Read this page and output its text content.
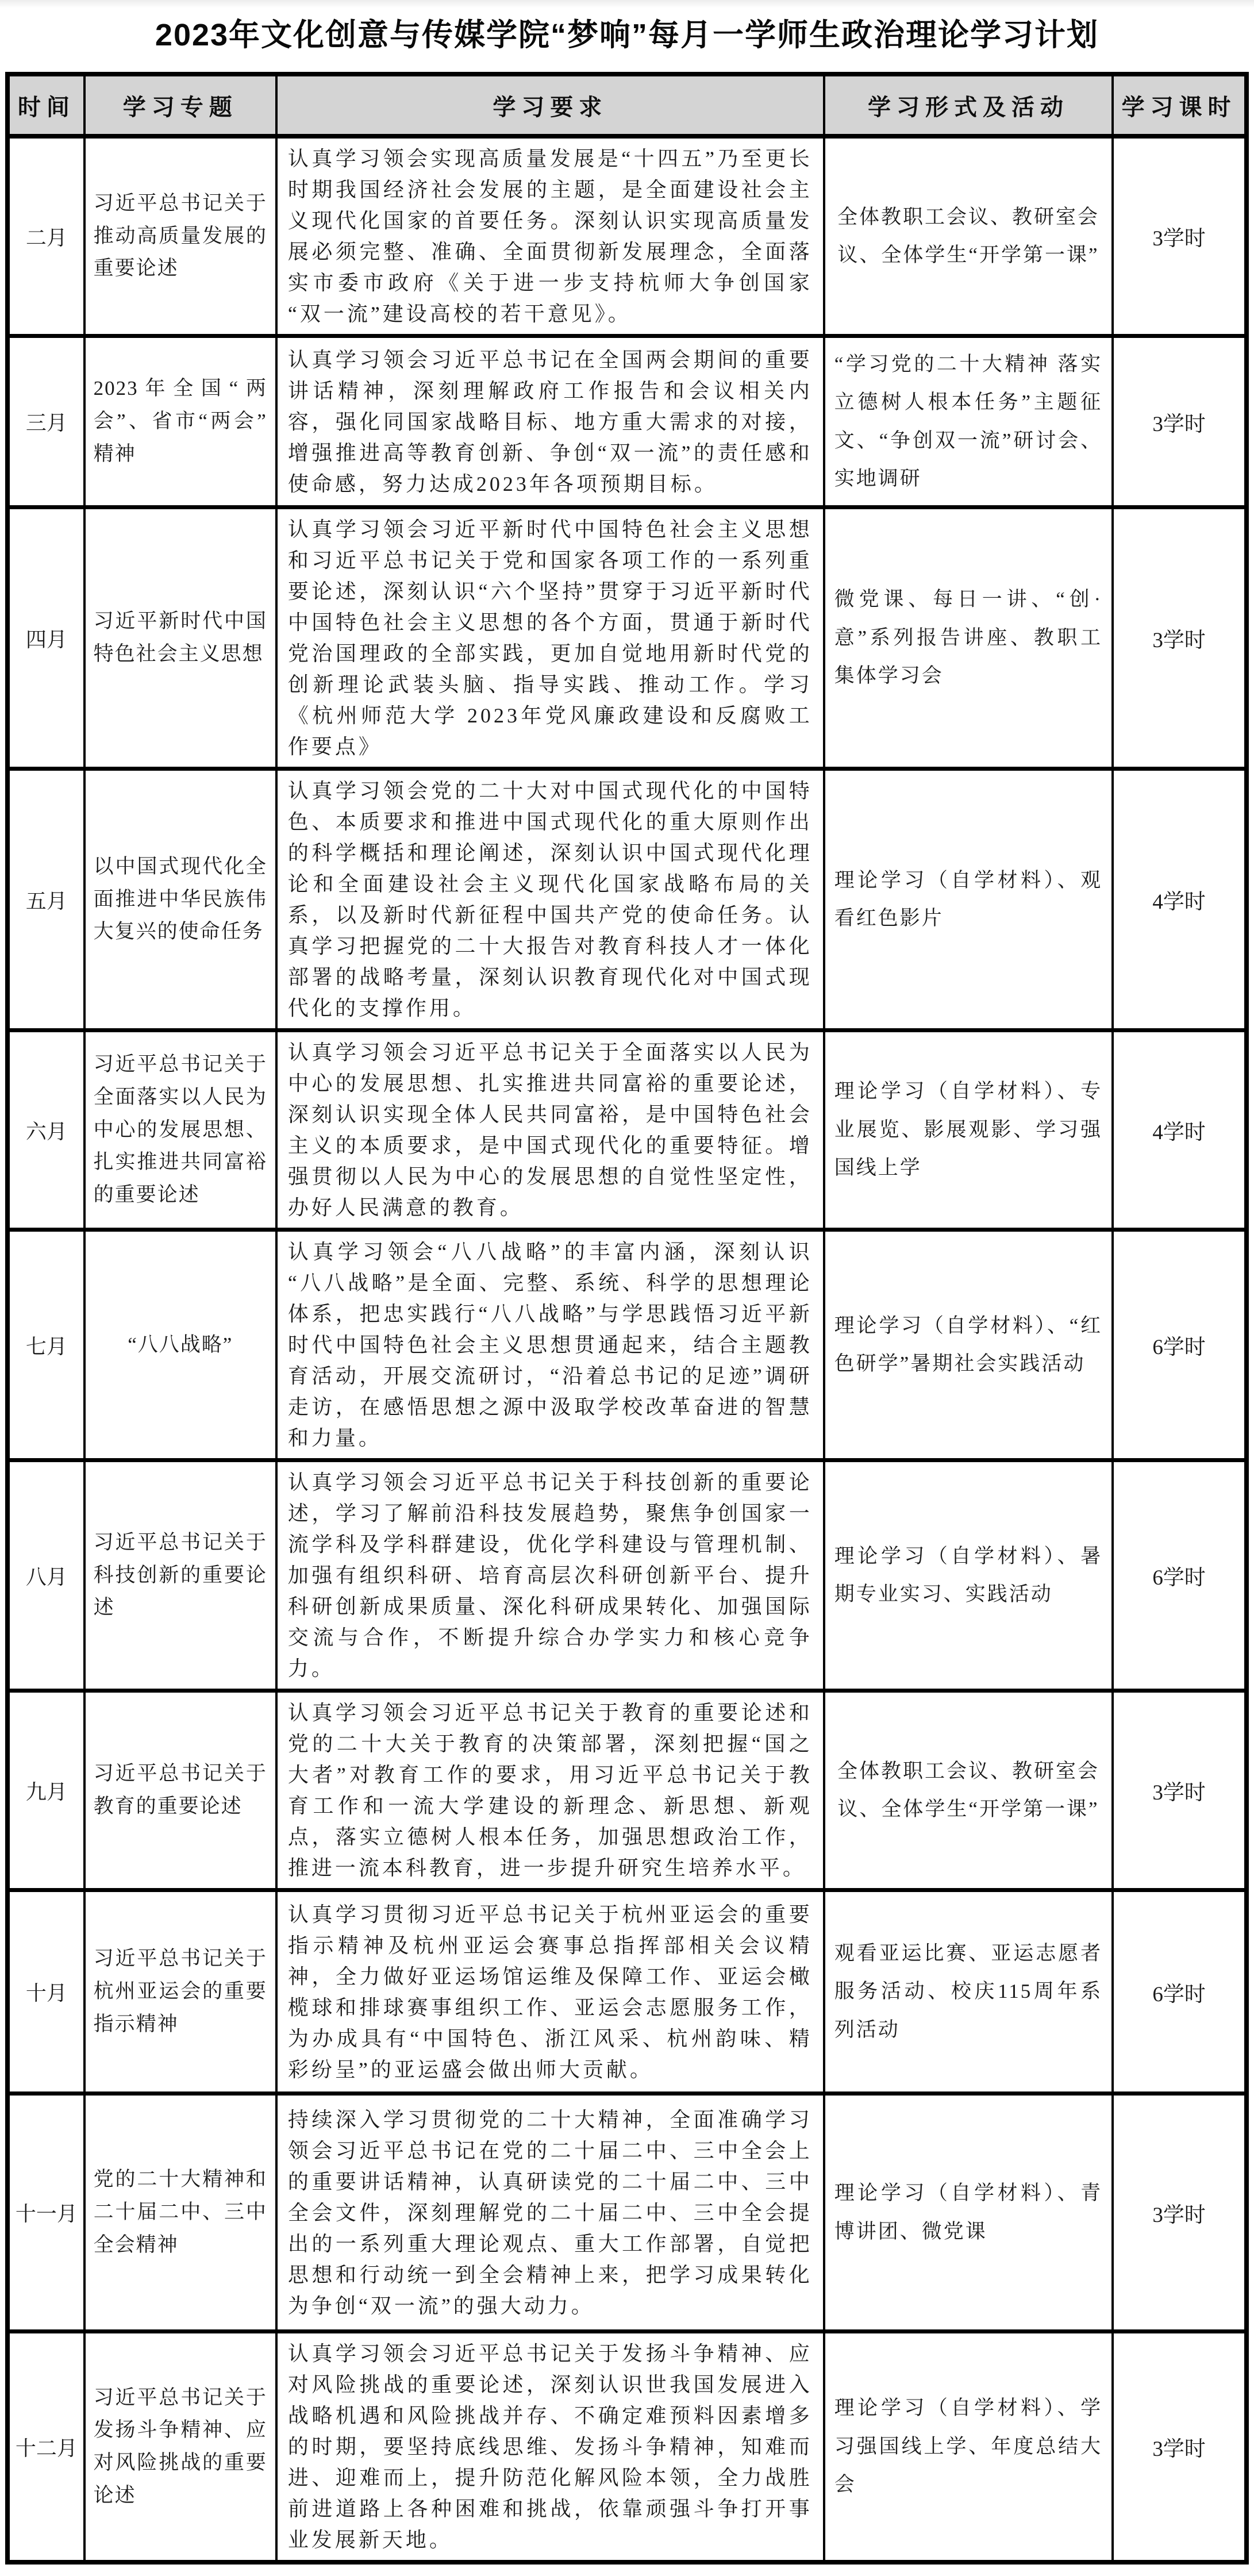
2023年文化创意与传媒学院“梦响”每月一学师生政治理论学习计划
时间	学习专题	学习要求	学习形式及活动	学习课时
二月	习近平总书记关于推动高质量发展的重要论述	认真学习领会实现高质量发展是“十四五”乃至更长时期我国经济社会发展的主题，是全面建设社会主义现代化国家的首要任务。深刻认识实现高质量发展必须完整、准确、全面贯彻新发展理念，全面落实市委市政府《关于进一步支持杭师大争创国家“双一流”建设高校的若干意见》。	全体教职工会议、教研室会议、全体学生“开学第一课”	3学时
三月	2023年全国“两会”、省市“两会”精神	认真学习领会习近平总书记在全国两会期间的重要讲话精神，深刻理解政府工作报告和会议相关内容，强化同国家战略目标、地方重大需求的对接，增强推进高等教育创新、争创“双一流”的责任感和使命感，努力达成2023年各项预期目标。	“学习党的二十大精神 落实立德树人根本任务”主题征文、“争创双一流”研讨会、实地调研	3学时
四月	习近平新时代中国特色社会主义思想	认真学习领会习近平新时代中国特色社会主义思想和习近平总书记关于党和国家各项工作的一系列重要论述，深刻认识“六个坚持”贯穿于习近平新时代中国特色社会主义思想的各个方面，贯通于新时代党治国理政的全部实践，更加自觉地用新时代党的创新理论武装头脑、指导实践、推动工作。学习《杭州师范大学 2023年党风廉政建设和反腐败工作要点》	微党课、每日一讲、“创·意”系列报告讲座、教职工集体学习会	3学时
五月	以中国式现代化全面推进中华民族伟大复兴的使命任务	认真学习领会党的二十大对中国式现代化的中国特色、本质要求和推进中国式现代化的重大原则作出的科学概括和理论阐述，深刻认识中国式现代化理论和全面建设社会主义现代化国家战略布局的关系，以及新时代新征程中国共产党的使命任务。认真学习把握党的二十大报告对教育科技人才一体化部署的战略考量，深刻认识教育现代化对中国式现代化的支撑作用。	理论学习（自学材料）、观看红色影片	4学时
六月	习近平总书记关于全面落实以人民为中心的发展思想、扎实推进共同富裕的重要论述	认真学习领会习近平总书记关于全面落实以人民为中心的发展思想、扎实推进共同富裕的重要论述，深刻认识实现全体人民共同富裕，是中国特色社会主义的本质要求，是中国式现代化的重要特征。增强贯彻以人民为中心的发展思想的自觉性坚定性，办好人民满意的教育。	理论学习（自学材料）、专业展览、影展观影、学习强国线上学	4学时
七月	“八八战略”	认真学习领会“八八战略”的丰富内涵，深刻认识“八八战略”是全面、完整、系统、科学的思想理论体系，把忠实践行“八八战略”与学思践悟习近平新时代中国特色社会主义思想贯通起来，结合主题教育活动，开展交流研讨，“沿着总书记的足迹”调研走访，在感悟思想之源中汲取学校改革奋进的智慧和力量。	理论学习（自学材料）、“红色研学”暑期社会实践活动	6学时
八月	习近平总书记关于科技创新的重要论述	认真学习领会习近平总书记关于科技创新的重要论述，学习了解前沿科技发展趋势，聚焦争创国家一流学科及学科群建设，优化学科建设与管理机制、加强有组织科研、培育高层次科研创新平台、提升科研创新成果质量、深化科研成果转化、加强国际交流与合作，不断提升综合办学实力和核心竞争力。	理论学习（自学材料）、暑期专业实习、实践活动	6学时
九月	习近平总书记关于教育的重要论述	认真学习领会习近平总书记关于教育的重要论述和党的二十大关于教育的决策部署，深刻把握“国之大者”对教育工作的要求，用习近平总书记关于教育工作和一流大学建设的新理念、新思想、新观点，落实立德树人根本任务，加强思想政治工作，推进一流本科教育，进一步提升研究生培养水平。	全体教职工会议、教研室会议、全体学生“开学第一课”	3学时
十月	习近平总书记关于杭州亚运会的重要指示精神	认真学习贯彻习近平总书记关于杭州亚运会的重要指示精神及杭州亚运会赛事总指挥部相关会议精神，全力做好亚运场馆运维及保障工作、亚运会橄榄球和排球赛事组织工作、亚运会志愿服务工作，为办成具有“中国特色、浙江风采、杭州韵味、精彩纷呈”的亚运盛会做出师大贡献。	观看亚运比赛、亚运志愿者服务活动、校庆115周年系列活动	6学时
十一月	党的二十大精神和二十届二中、三中全会精神	持续深入学习贯彻党的二十大精神，全面准确学习领会习近平总书记在党的二十届二中、三中全会上的重要讲话精神，认真研读党的二十届二中、三中全会文件，深刻理解党的二十届二中、三中全会提出的一系列重大理论观点、重大工作部署，自觉把思想和行动统一到全会精神上来，把学习成果转化为争创“双一流”的强大动力。	理论学习（自学材料）、青博讲团、微党课	3学时
十二月	习近平总书记关于发扬斗争精神、应对风险挑战的重要论述	认真学习领会习近平总书记关于发扬斗争精神、应对风险挑战的重要论述，深刻认识世我国发展进入战略机遇和风险挑战并存、不确定难预料因素增多的时期，要坚持底线思维、发扬斗争精神，知难而进、迎难而上，提升防范化解风险本领，全力战胜前进道路上各种困难和挑战，依靠顽强斗争打开事业发展新天地。	理论学习（自学材料）、学习强国线上学、年度总结大会	3学时
